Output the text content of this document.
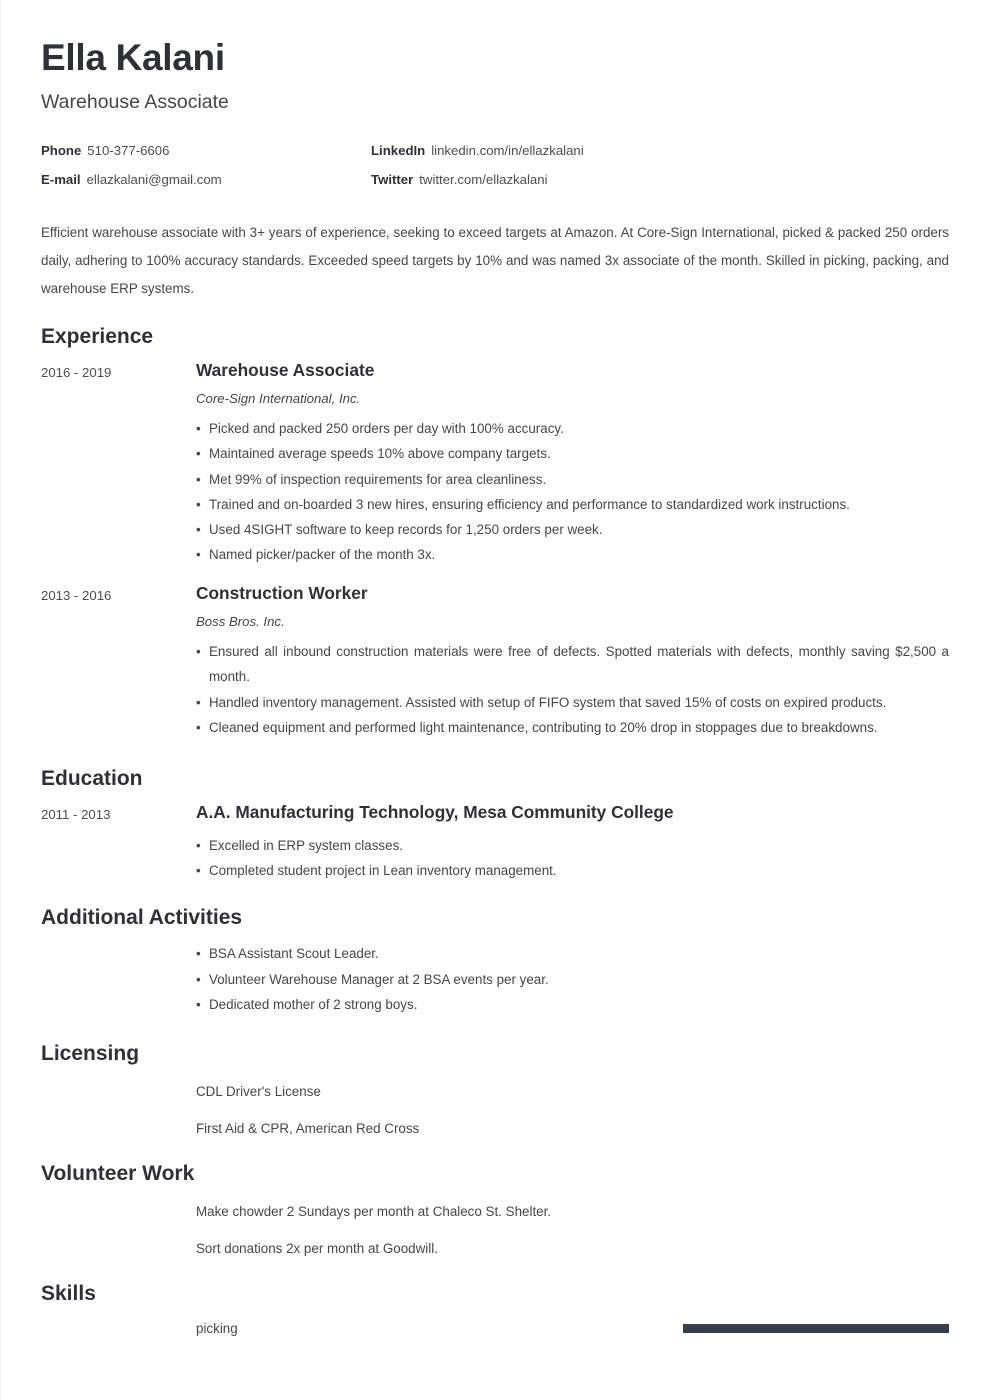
Ella Kalani
Warehouse Associate
Phone 510-377-6606	LinkedIn linkedin.com/in/ellazkalani
E-mail ellazkalani@gmail.com	Twitter twitter.com/ellazkalani

Efficient warehouse associate with 3+ years of experience, seeking to exceed targets at Amazon. At Core-Sign International, picked & packed 250 orders daily, adhering to 100% accuracy standards. Exceeded speed targets by 10% and was named 3x associate of the month. Skilled in picking, packing, and warehouse ERP systems.

Experience
2016 - 2019	Warehouse Associate
Core-Sign International, Inc.
• Picked and packed 250 orders per day with 100% accuracy.
• Maintained average speeds 10% above company targets.
• Met 99% of inspection requirements for area cleanliness.
• Trained and on-boarded 3 new hires, ensuring efficiency and performance to standardized work instructions.
• Used 4SIGHT software to keep records for 1,250 orders per week.
• Named picker/packer of the month 3x.
2013 - 2016	Construction Worker
Boss Bros. Inc.
• Ensured all inbound construction materials were free of defects. Spotted materials with defects, monthly saving $2,500 a month.
• Handled inventory management. Assisted with setup of FIFO system that saved 15% of costs on expired products.
• Cleaned equipment and performed light maintenance, contributing to 20% drop in stoppages due to breakdowns.
Education
2011 - 2013	A.A. Manufacturing Technology, Mesa Community College
• Excelled in ERP system classes.
• Completed student project in Lean inventory management.
Additional Activities
• BSA Assistant Scout Leader.
• Volunteer Warehouse Manager at 2 BSA events per year.
• Dedicated mother of 2 strong boys.
Licensing
CDL Driver's License
First Aid & CPR, American Red Cross
Volunteer Work
Make chowder 2 Sundays per month at Chaleco St. Shelter.
Sort donations 2x per month at Goodwill.
Skills
picking
